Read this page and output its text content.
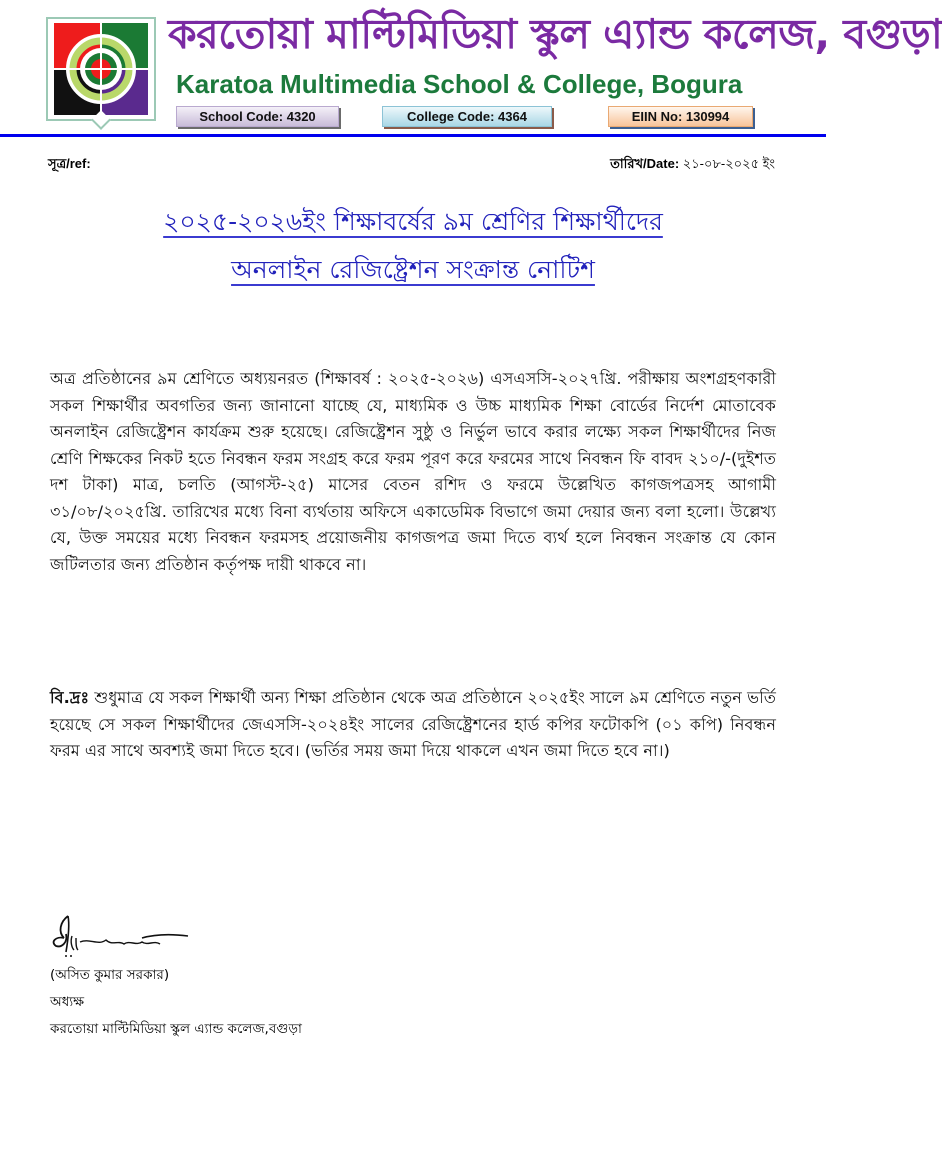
করতোয়া মাল্টিমিডিয়া স্কুল এ্যান্ড কলেজ, বগুড়া
Karatoa Multimedia School & College, Bogura
School Code: 4320	College Code: 4364	EIIN No: 130994
সূত্র/ref:	তারিখ/Date: ২১-০৮-২০২৫ ইং
২০২৫-২০২৬ইং শিক্ষাবর্ষের ৯ম শ্রেণির শিক্ষার্থীদের
অনলাইন রেজিষ্ট্রেশন সংক্রান্ত নোটিশ
অত্র প্রতিষ্ঠানের ৯ম শ্রেণিতে অধ্যয়নরত (শিক্ষাবর্ষ : ২০২৫-২০২৬) এসএসসি-২০২৭খ্রি. পরীক্ষায় অংশগ্রহণকারী সকল শিক্ষার্থীর অবগতির জন্য জানানো যাচ্ছে যে, মাধ্যমিক ও উচ্চ মাধ্যমিক শিক্ষা বোর্ডের নির্দেশ মোতাবেক অনলাইন রেজিষ্ট্রেশন কার্যক্রম শুরু হয়েছে। রেজিষ্ট্রেশন সুষ্ঠু ও নির্ভুল ভাবে করার লক্ষ্যে সকল শিক্ষার্থীদের নিজ শ্রেণি শিক্ষকের নিকট হতে নিবন্ধন ফরম সংগ্রহ করে ফরম পূরণ করে ফরমের সাথে নিবন্ধন ফি বাবদ ২১০/-(দুইশত দশ টাকা) মাত্র, চলতি (আগস্ট-২৫) মাসের বেতন রশিদ ও ফরমে উল্লেখিত কাগজপত্রসহ আগামী ৩১/০৮/২০২৫খ্রি. তারিখের মধ্যে বিনা ব্যর্থতায় অফিসে একাডেমিক বিভাগে জমা দেয়ার জন্য বলা হলো। উল্লেখ্য যে, উক্ত সময়ের মধ্যে নিবন্ধন ফরমসহ প্রয়োজনীয় কাগজপত্র জমা দিতে ব্যর্থ হলে নিবন্ধন সংক্রান্ত যে কোন জটিলতার জন্য প্রতিষ্ঠান কর্তৃপক্ষ দায়ী থাকবে না।
বি.দ্রঃ শুধুমাত্র যে সকল শিক্ষার্থী অন্য শিক্ষা প্রতিষ্ঠান থেকে অত্র প্রতিষ্ঠানে ২০২৫ইং সালে ৯ম শ্রেণিতে নতুন ভর্তি হয়েছে সে সকল শিক্ষার্থীদের জেএসসি-২০২৪ইং সালের রেজিষ্ট্রেশনের হার্ড কপির ফটোকপি (০১ কপি) নিবন্ধন ফরম এর সাথে অবশ্যই জমা দিতে হবে। (ভর্তির সময় জমা দিয়ে থাকলে এখন জমা দিতে হবে না।)
(অসিত কুমার সরকার)
অধ্যক্ষ
করতোয়া মাল্টিমিডিয়া স্কুল এ্যান্ড কলেজ,বগুড়া
